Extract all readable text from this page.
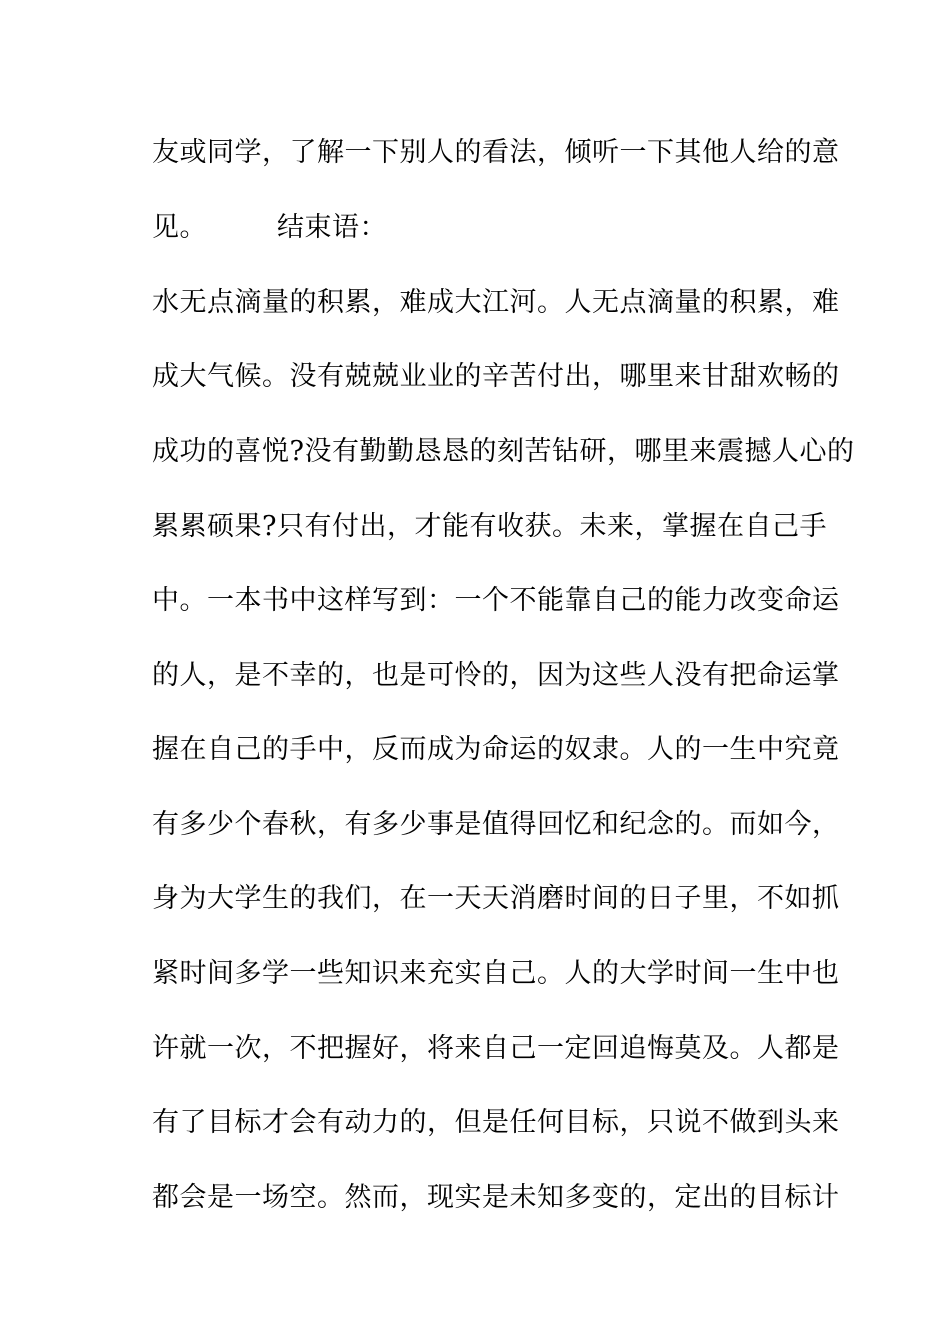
友或同学，了解一下别人的看法，倾听一下其他人给的意
见。	结束语：
水无点滴量的积累，难成大江河。人无点滴量的积累，难
成大气候。没有兢兢业业的辛苦付出，哪里来甘甜欢畅的
成功的喜悦?没有勤勤恳恳的刻苦钻研，哪里来震撼人心的
累累硕果?只有付出，才能有收获。未来，掌握在自己手
中。一本书中这样写到：一个不能靠自己的能力改变命运
的人，是不幸的，也是可怜的，因为这些人没有把命运掌
握在自己的手中，反而成为命运的奴隶。人的一生中究竟
有多少个春秋，有多少事是值得回忆和纪念的。而如今，
身为大学生的我们，在一天天消磨时间的日子里，不如抓
紧时间多学一些知识来充实自己。人的大学时间一生中也
许就一次，不把握好，将来自己一定回追悔莫及。人都是
有了目标才会有动力的，但是任何目标，只说不做到头来
都会是一场空。然而，现实是未知多变的，定出的目标计
